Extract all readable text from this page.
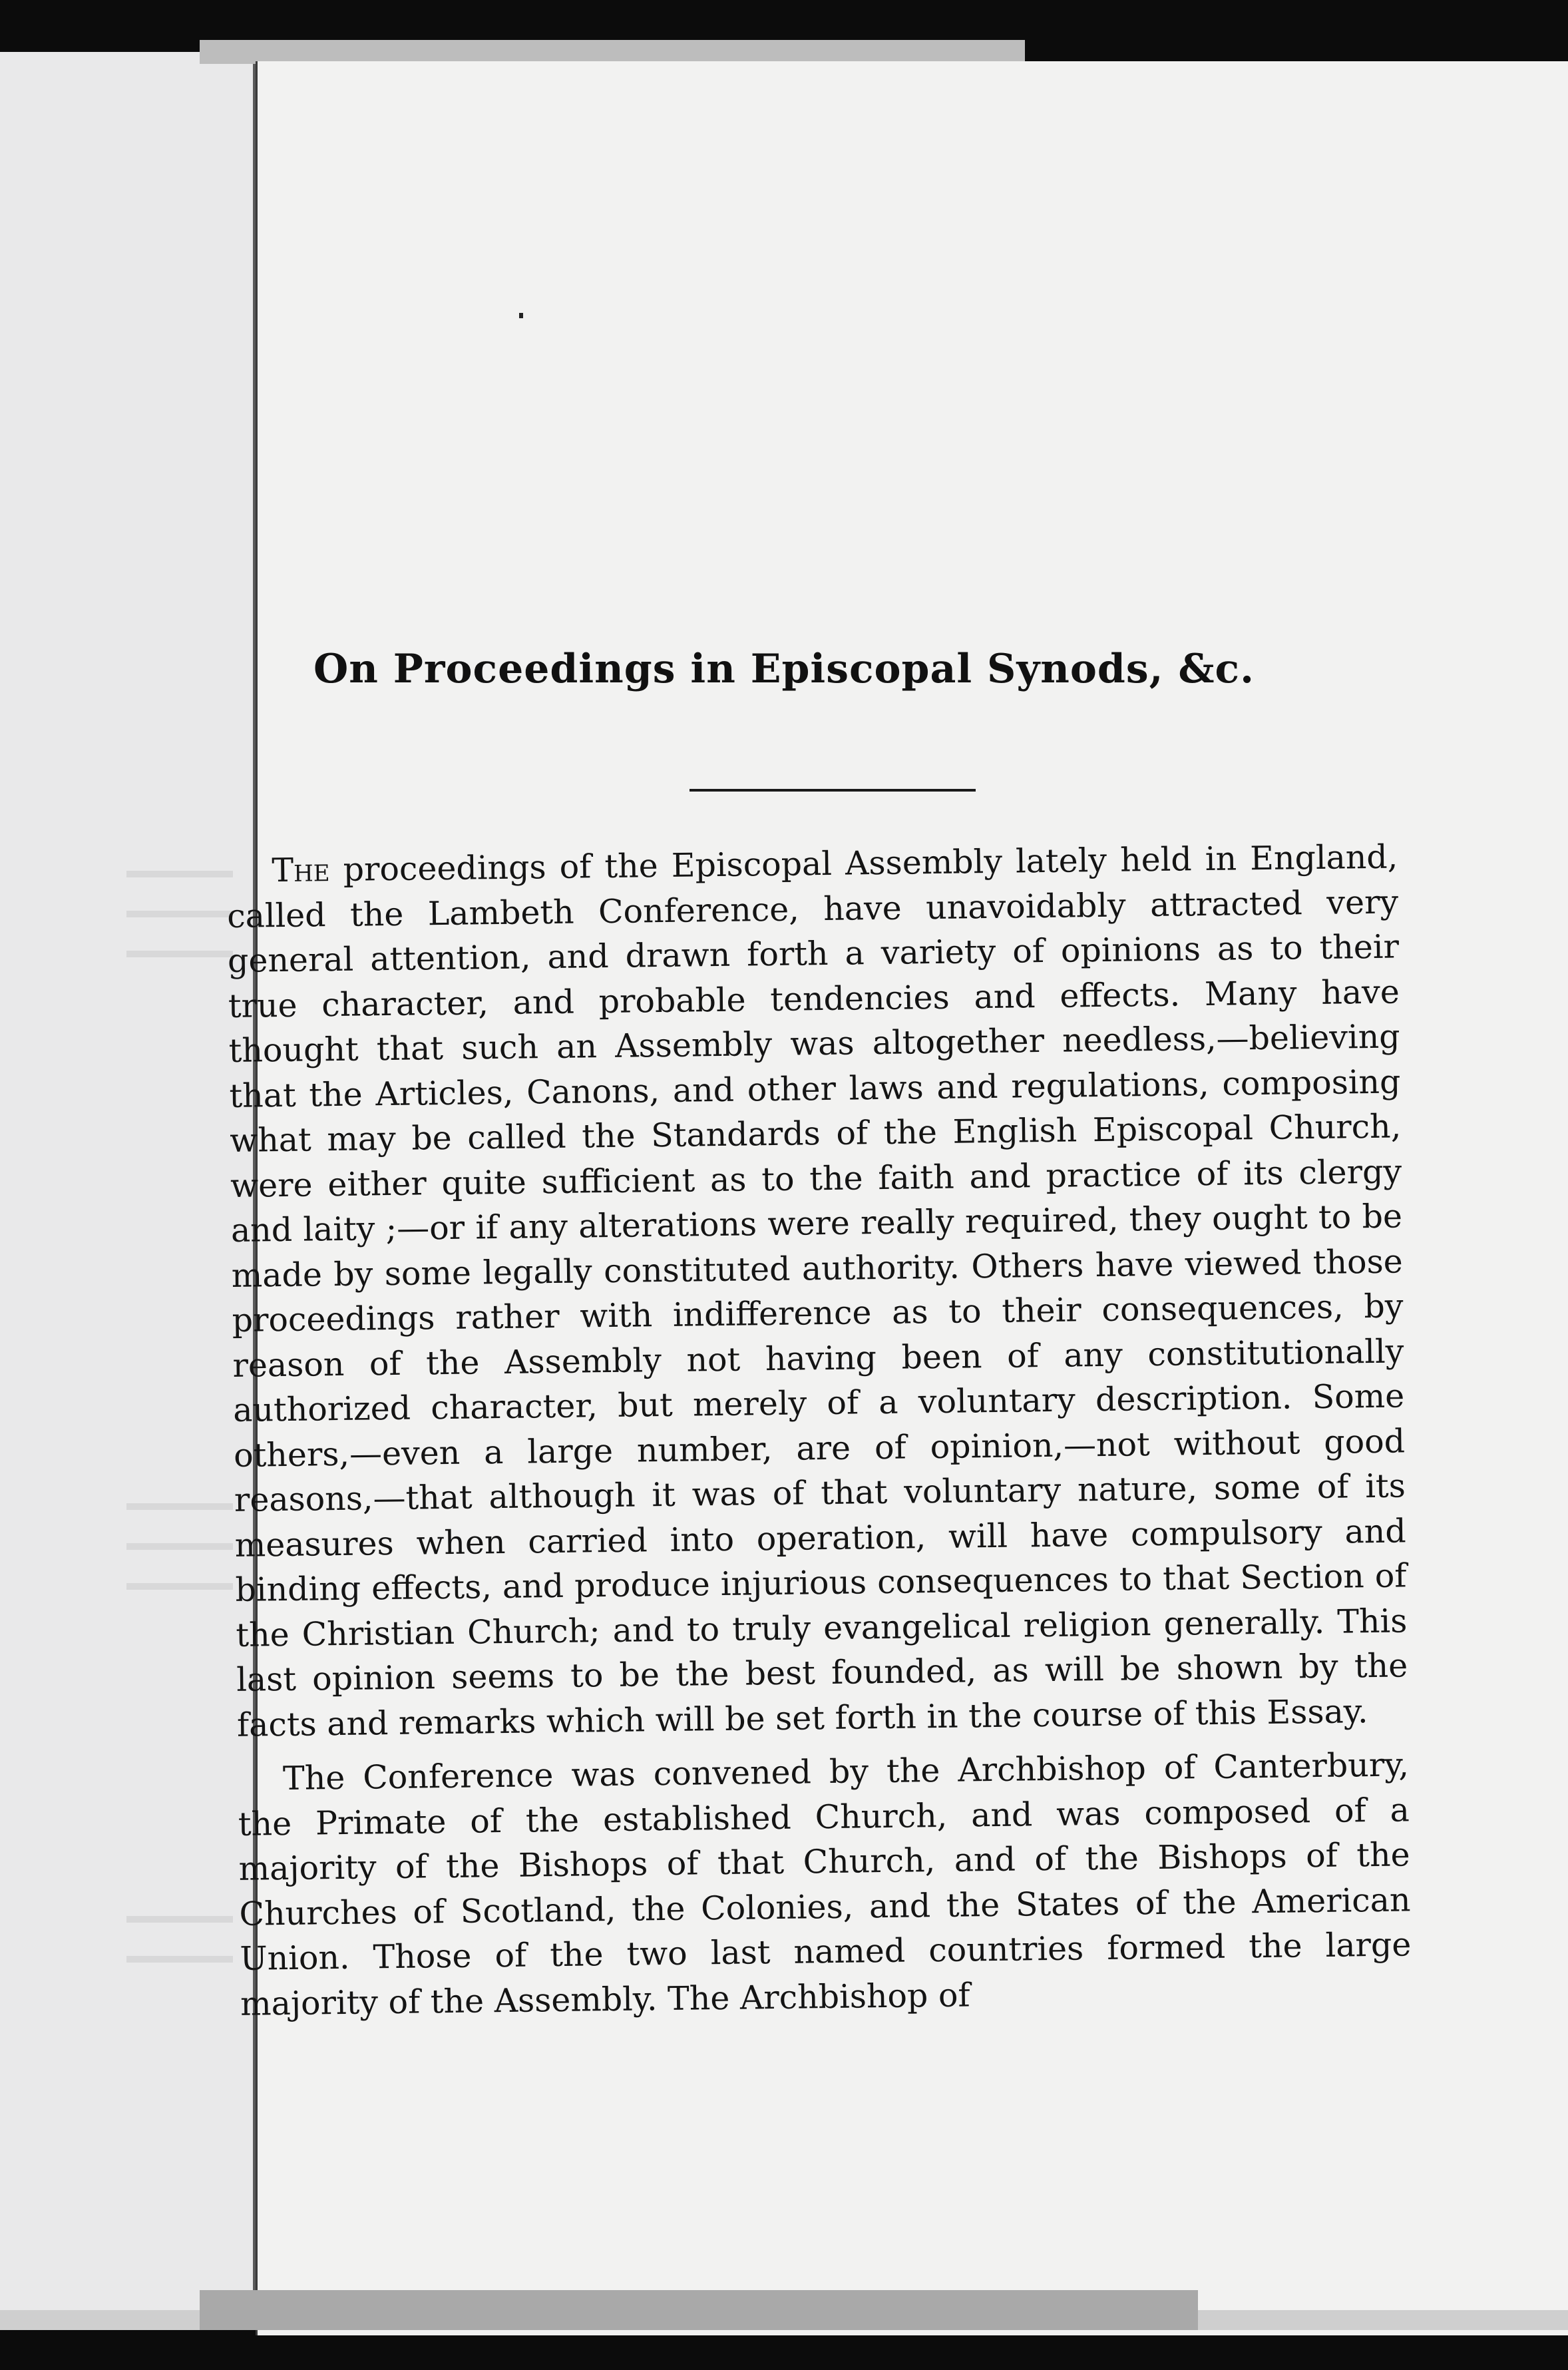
On Proceedings in Episcopal Synods, &c.

The proceedings of the Episcopal Assembly lately held in England, called the Lambeth Conference, have unavoidably attracted very general attention, and drawn forth a variety of opinions as to their true character, and probable tendencies and effects. Many have thought that such an Assembly was altogether needless,—believing that the Articles, Canons, and other laws and regulations, composing what may be called the Standards of the English Episcopal Church, were either quite sufficient as to the faith and practice of its clergy and laity ;—or if any alterations were really required, they ought to be made by some legally constituted authority. Others have viewed those proceedings rather with indifference as to their consequences, by reason of the Assembly not having been of any constitutionally authorized character, but merely of a voluntary description. Some others,—even a large number, are of opinion,—not without good reasons,—that although it was of that voluntary nature, some of its measures when carried into operation, will have compulsory and binding effects, and produce injurious consequences to that Section of the Christian Church; and to truly evangelical religion generally. This last opinion seems to be the best founded, as will be shown by the facts and remarks which will be set forth in the course of this Essay.

The Conference was convened by the Archbishop of Canterbury, the Primate of the established Church, and was composed of a majority of the Bishops of that Church, and of the Bishops of the Churches of Scotland, the Colonies, and the States of the American Union. Those of the two last named countries formed the large majority of the Assembly. The Archbishop of
